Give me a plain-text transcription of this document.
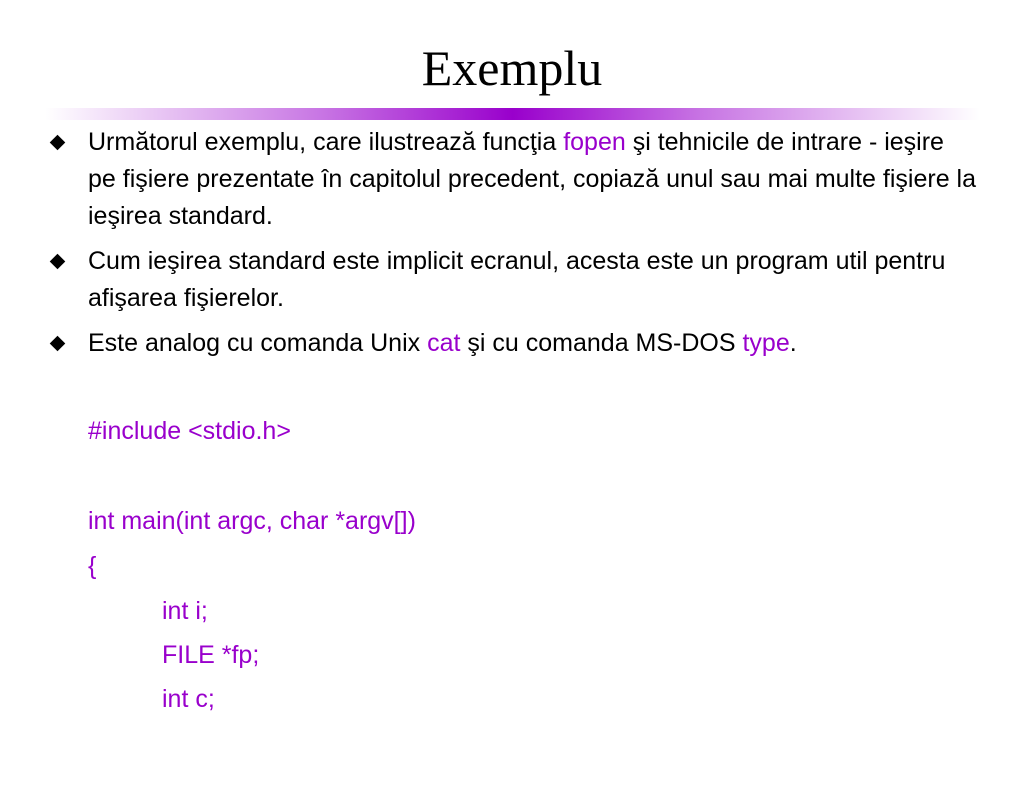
Exemplu
Următorul exemplu, care ilustrează funcţia fopen şi tehnicile de intrare - ieşire pe fişiere prezentate în capitolul precedent, copiază unul sau mai multe fişiere la ieşirea standard.
Cum ieşirea standard este implicit ecranul, acesta este un program util pentru afişarea fişierelor.
Este analog cu comanda Unix cat şi cu comanda MS-DOS type.
#include <stdio.h>
int main(int argc, char *argv[])
{
int i;
FILE *fp;
int c;
